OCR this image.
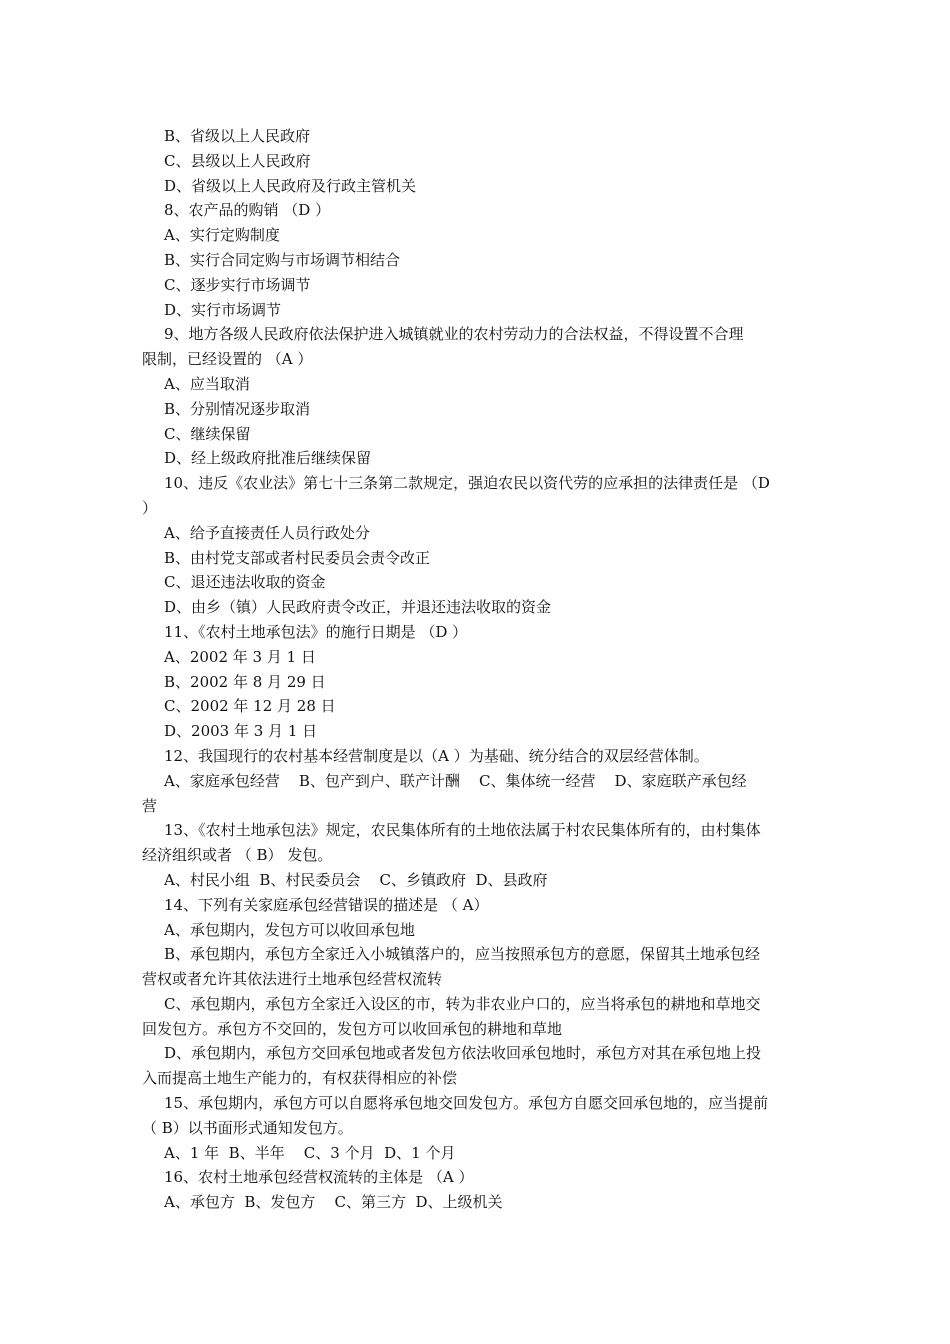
B、省级以上人民政府
C、县级以上人民政府
D、省级以上人民政府及行政主管机关
8、农产品的购销 （D ）
A、实行定购制度
B、实行合同定购与市场调节相结合
C、逐步实行市场调节
D、实行市场调节
9、地方各级人民政府依法保护进入城镇就业的农村劳动力的合法权益，不得设置不合理
限制，已经设置的 （A ）
A、应当取消
B、分别情况逐步取消
C、继续保留
D、经上级政府批准后继续保留
10、违反《农业法》第七十三条第二款规定，强迫农民以资代劳的应承担的法律责任是 （D
）
A、给予直接责任人员行政处分
B、由村党支部或者村民委员会责令改正
C、退还违法收取的资金
D、由乡（镇）人民政府责令改正，并退还违法收取的资金
11、《农村土地承包法》的施行日期是 （D ）
A、2002 年 3 月 1 日
B、2002 年 8 月 29 日
C、2002 年 12 月 28 日
D、2003 年 3 月 1 日
12、我国现行的农村基本经营制度是以（A ）为基础、统分结合的双层经营体制。
A、家庭承包经营    B、包产到户、联产计酬    C、集体统一经营    D、家庭联产承包经
营
13、《农村土地承包法》规定，农民集体所有的土地依法属于村农民集体所有的，由村集体
经济组织或者 （ B） 发包。
A、村民小组  B、村民委员会    C、乡镇政府  D、县政府
14、下列有关家庭承包经营错误的描述是 （ A）
A、承包期内，发包方可以收回承包地
B、承包期内，承包方全家迁入小城镇落户的，应当按照承包方的意愿，保留其土地承包经
营权或者允许其依法进行土地承包经营权流转
C、承包期内，承包方全家迁入设区的市，转为非农业户口的，应当将承包的耕地和草地交
回发包方。承包方不交回的，发包方可以收回承包的耕地和草地
D、承包期内，承包方交回承包地或者发包方依法收回承包地时，承包方对其在承包地上投
入而提高土地生产能力的，有权获得相应的补偿
15、承包期内，承包方可以自愿将承包地交回发包方。承包方自愿交回承包地的，应当提前
（ B）以书面形式通知发包方。
A、1 年  B、半年    C、3 个月  D、1 个月
16、农村土地承包经营权流转的主体是 （A ）
A、承包方  B、发包方    C、第三方  D、上级机关
